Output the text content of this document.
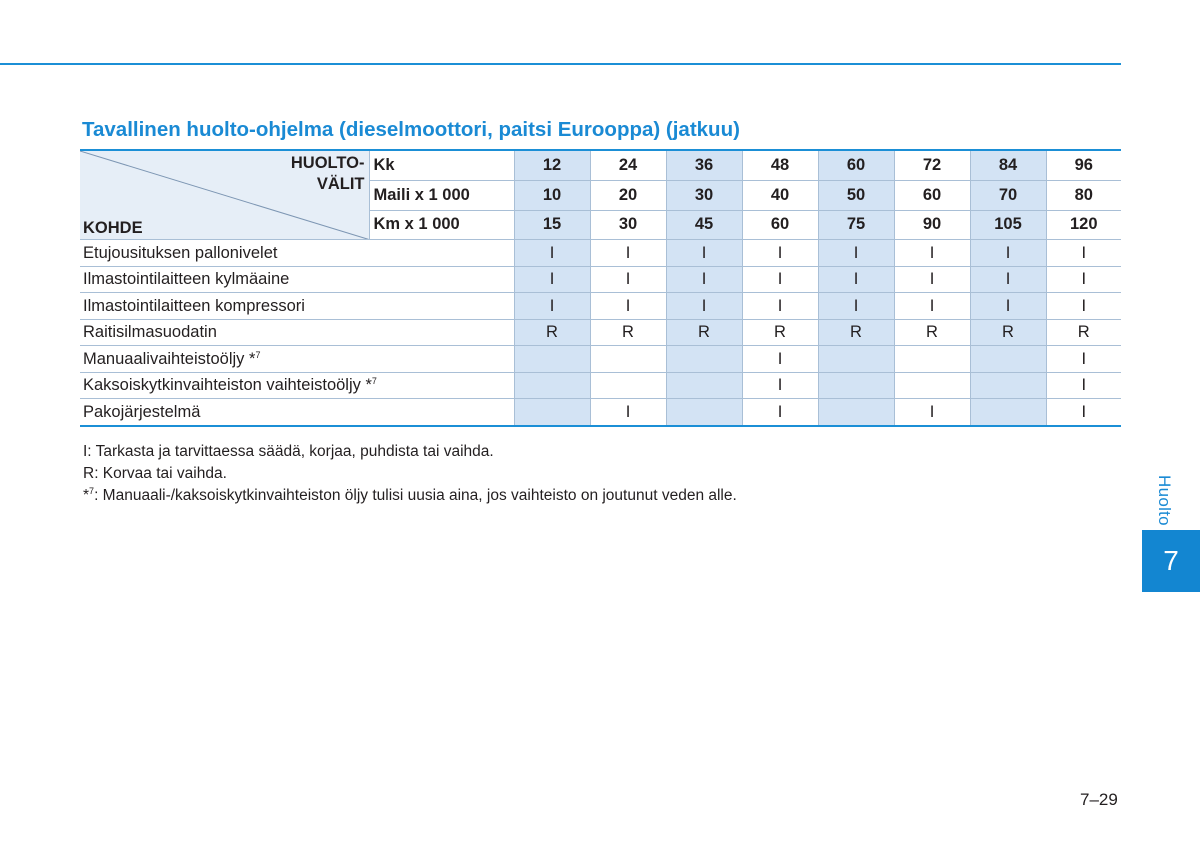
Tavallinen huolto-ohjelma (dieselmoottori, paitsi Eurooppa) (jatkuu)
HUOLTO-
VÄLIT
KOHDE	Kk	12	24	36	48	60	72	84	96
	Maili x 1 000	10	20	30	40	50	60	70	80
	Km x 1 000	15	30	45	60	75	90	105	120
Etujousituksen pallonivelet		I	I	I	I	I	I	I	I
Ilmastointilaitteen kylmäaine		I	I	I	I	I	I	I	I
Ilmastointilaitteen kompressori		I	I	I	I	I	I	I	I
Raitisilmasuodatin		R	R	R	R	R	R	R	R
Manuaalivaihteistoöljy *$^7$					I				I
Kaksoiskytkinvaihteiston vaihteistoöljy *$^7$					I				I
Pakojärjestelmä			I		I		I		I
I: Tarkasta ja tarvittaessa säädä, korjaa, puhdista tai vaihda.
R: Korvaa tai vaihda.
*$^7$: Manuaali-/kaksoiskytkinvaihteiston öljy tulisi uusia aina, jos vaihteisto on joutunut veden alle.	Huolto
7
7–29
